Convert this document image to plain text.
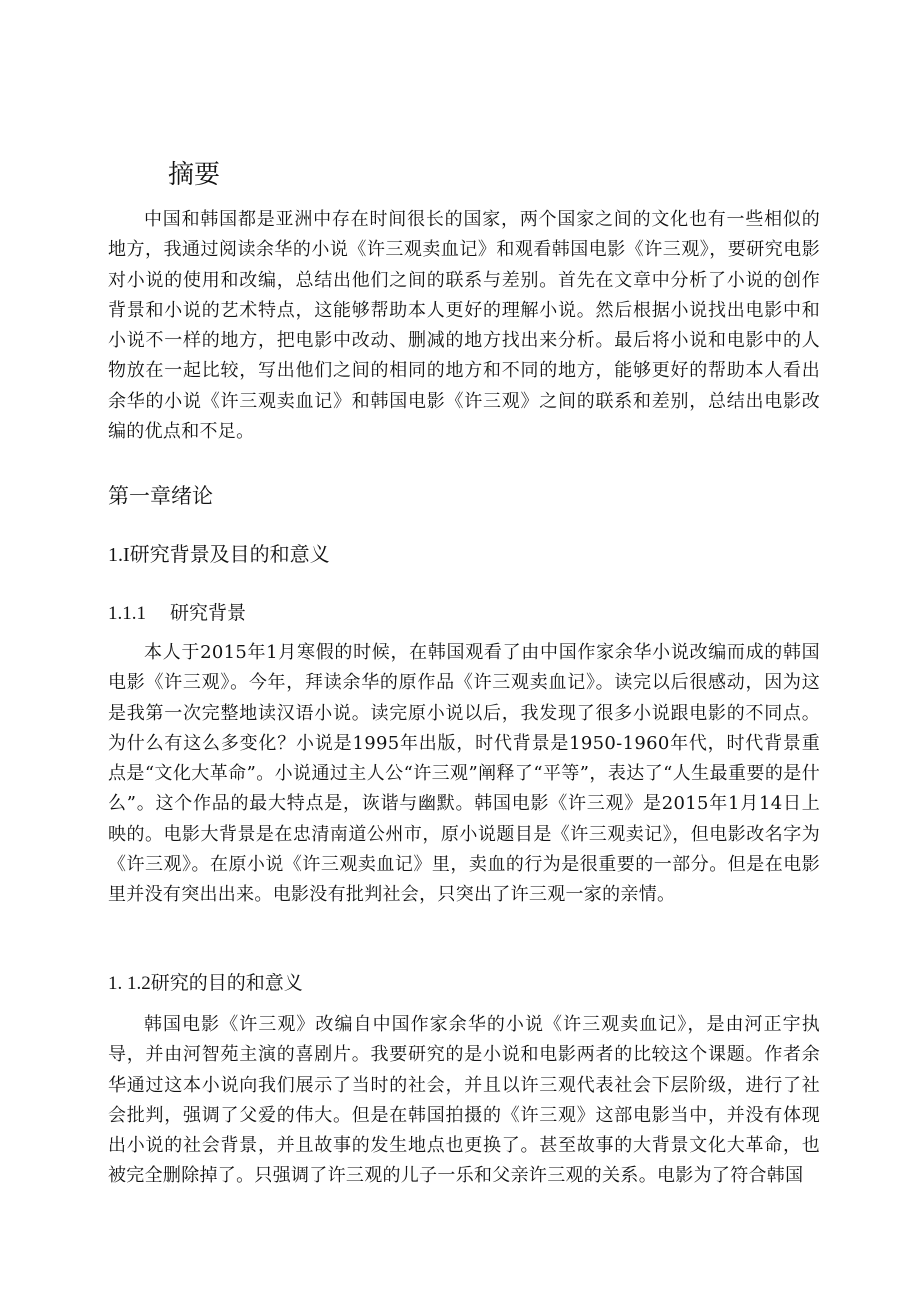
摘要

中国和韩国都是亚洲中存在时间很长的国家，两个国家之间的文化也有一些相似的地方，我通过阅读余华的小说《许三观卖血记》和观看韩国电影《许三观》，要研究电影对小说的使用和改编，总结出他们之间的联系与差别。首先在文章中分析了小说的创作背景和小说的艺术特点，这能够帮助本人更好的理解小说。然后根据小说找出电影中和小说不一样的地方，把电影中改动、删减的地方找出来分析。最后将小说和电影中的人物放在一起比较，写出他们之间的相同的地方和不同的地方，能够更好的帮助本人看出余华的小说《许三观卖血记》和韩国电影《许三观》之间的联系和差别，总结出电影改编的优点和不足。

第一章绪论
1.I研究背景及目的和意义
1.1.1 研究背景

本人于2015年1月寒假的时候，在韩国观看了由中国作家余华小说改编而成的韩国电影《许三观》。今年，拜读余华的原作品《许三观卖血记》。读完以后很感动，因为这是我第一次完整地读汉语小说。读完原小说以后，我发现了很多小说跟电影的不同点。为什么有这么多变化？小说是1995年出版，时代背景是1950-1960年代，时代背景重点是“文化大革命”。小说通过主人公“许三观”阐释了“平等”，表达了“人生最重要的是什么”。这个作品的最大特点是，诙谐与幽默。韩国电影《许三观》是2015年1月14日上映的。电影大背景是在忠清南道公州市，原小说题目是《许三观卖记》，但电影改名字为《许三观》。在原小说《许三观卖血记》里，卖血的行为是很重要的一部分。但是在电影里并没有突出出来。电影没有批判社会，只突出了许三观一家的亲情。

1. 1.2研究的目的和意义

韩国电影《许三观》改编自中国作家余华的小说《许三观卖血记》，是由河正宇执导，并由河智苑主演的喜剧片。我要研究的是小说和电影两者的比较这个课题。作者余华通过这本小说向我们展示了当时的社会，并且以许三观代表社会下层阶级，进行了社会批判，强调了父爱的伟大。但是在韩国拍摄的《许三观》这部电影当中，并没有体现出小说的社会背景，并且故事的发生地点也更换了。甚至故事的大背景文化大革命，也被完全删除掉了。只强调了许三观的儿子一乐和父亲许三观的关系。电影为了符合韩国
